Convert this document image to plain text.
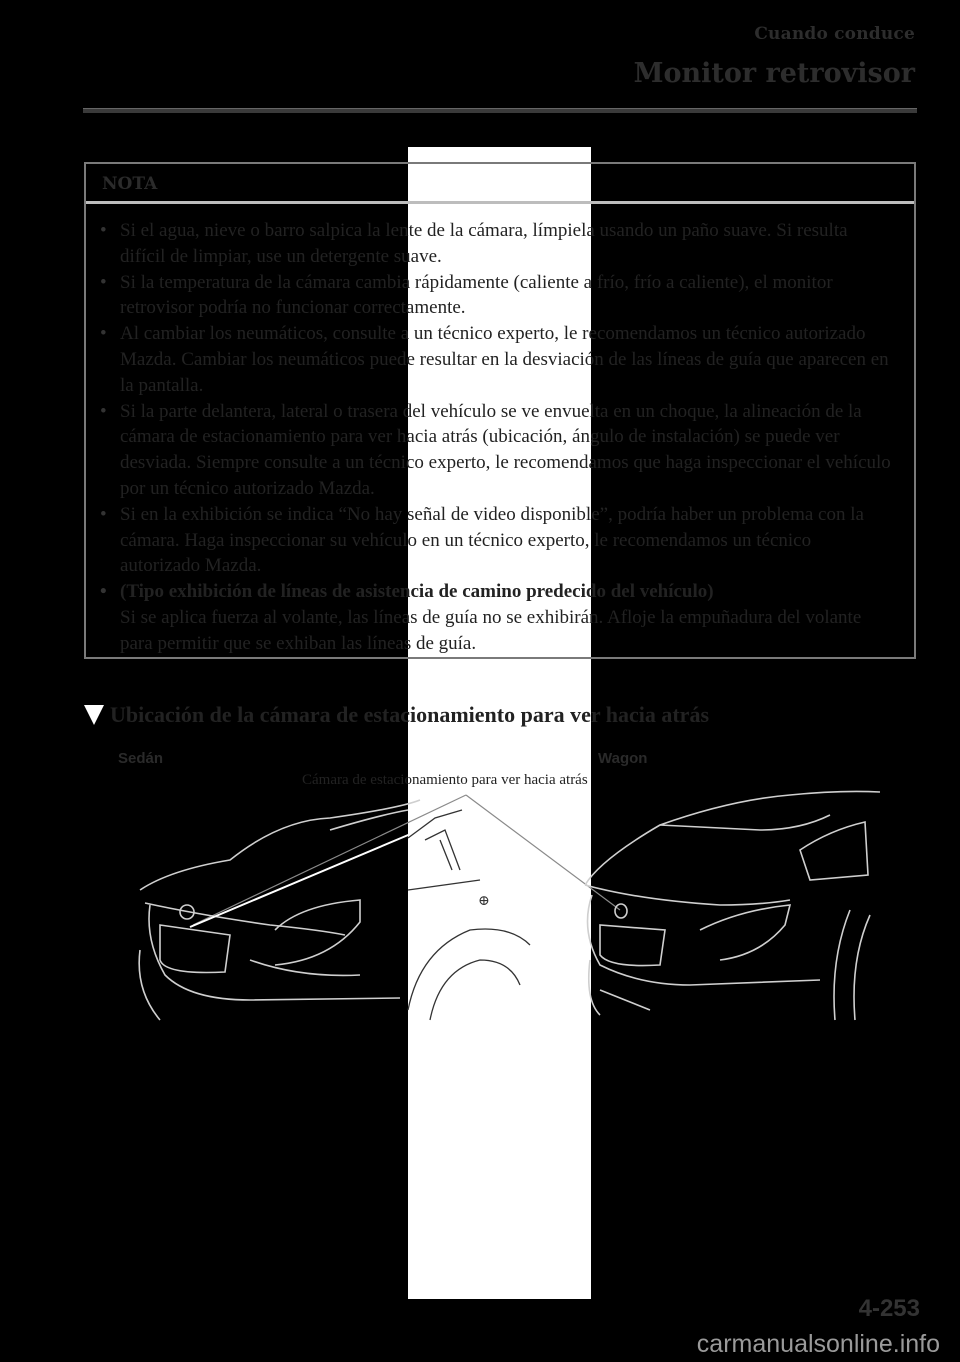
Cuando conduce
Monitor retrovisor
NOTA
• Si el agua, nieve o barro salpica la lente de la cámara, límpiela usando un paño suave. Si resulta difícil de limpiar, use un detergente suave.
• Si la temperatura de la cámara cambia rápidamente (caliente a frío, frío a caliente), el monitor retrovisor podría no funcionar correctamente.
• Al cambiar los neumáticos, consulte a un técnico experto, le recomendamos un técnico autorizado Mazda. Cambiar los neumáticos puede resultar en la desviación de las líneas de guía que aparecen en la pantalla.
• Si la parte delantera, lateral o trasera del vehículo se ve envuelta en un choque, la alineación de la cámara de estacionamiento para ver hacia atrás (ubicación, ángulo de instalación) se puede ver desviada. Siempre consulte a un técnico experto, le recomendamos que haga inspeccionar el vehículo por un técnico autorizado Mazda.
• Si en la exhibición se indica “No hay señal de video disponible”, podría haber un problema con la cámara. Haga inspeccionar su vehículo en un técnico experto, le recomendamos un técnico autorizado Mazda.
• (Tipo exhibición de líneas de asistencia de camino predecido del vehículo)
Si se aplica fuerza al volante, las líneas de guía no se exhibirán. Afloje la empuñadura del volante para permitir que se exhiban las líneas de guía.
Ubicación de la cámara de estacionamiento para ver hacia atrás
Sedán	Wagon
Cámara de estacionamiento para ver hacia atrás
⊕
4-253
carmanualsonline.info
